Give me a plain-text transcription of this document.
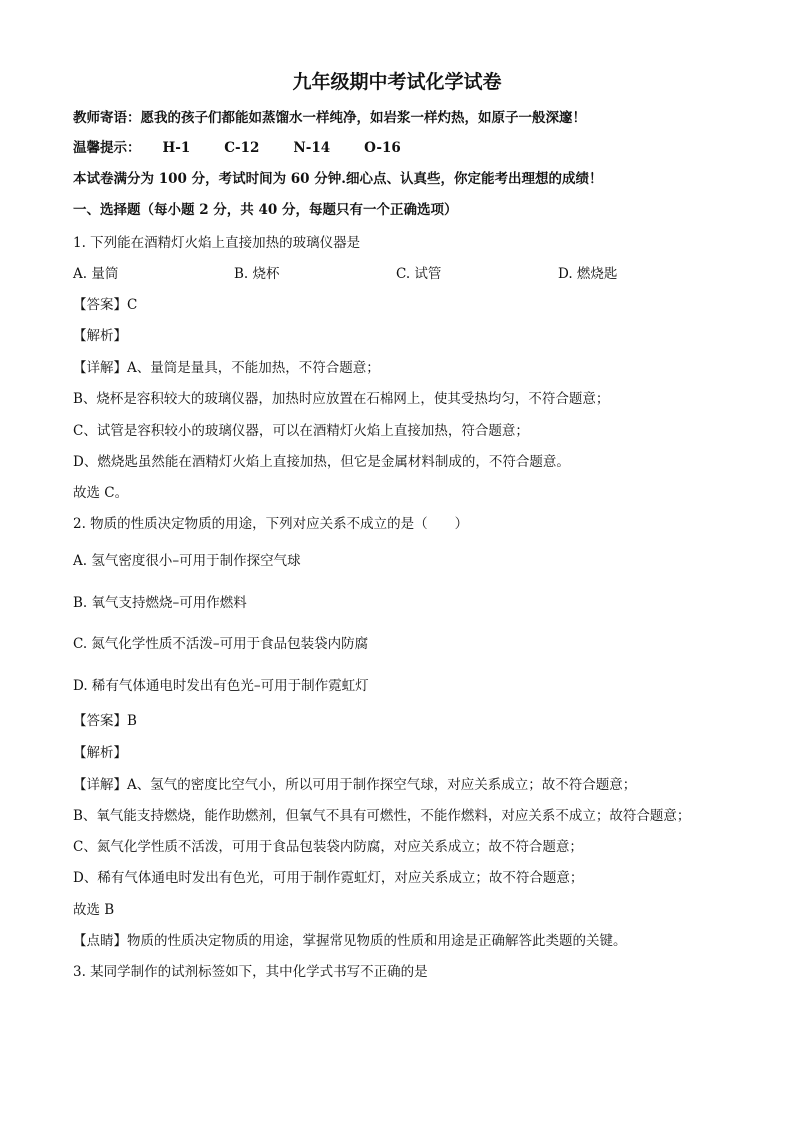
九年级期中考试化学试卷
教师寄语：愿我的孩子们都能如蒸馏水一样纯净，如岩浆一样灼热，如原子一般深邃！
温馨提示： H-1	C-12	N-14	O-16
本试卷满分为 100 分，考试时间为 60 分钟.细心点、认真些，你定能考出理想的成绩！
一、选择题（每小题 2 分，共 40 分，每题只有一个正确选项）
1. 下列能在酒精灯火焰上直接加热的玻璃仪器是
A. 量筒	B. 烧杯	C. 试管	D. 燃烧匙
【答案】C
【解析】
【详解】A、量筒是量具，不能加热，不符合题意；
B、烧杯是容积较大的玻璃仪器，加热时应放置在石棉网上，使其受热均匀，不符合题意；
C、试管是容积较小的玻璃仪器，可以在酒精灯火焰上直接加热，符合题意；
D、燃烧匙虽然能在酒精灯火焰上直接加热，但它是金属材料制成的，不符合题意。
故选 C。
2. 物质的性质决定物质的用途，下列对应关系不成立的是（　　）
A. 氢气密度很小–可用于制作探空气球
B. 氧气支持燃烧–可用作燃料
C. 氮气化学性质不活泼–可用于食品包装袋内防腐
D. 稀有气体通电时发出有色光–可用于制作霓虹灯
【答案】B
【解析】
【详解】A、氢气的密度比空气小，所以可用于制作探空气球，对应关系成立；故不符合题意；
B、氧气能支持燃烧，能作助燃剂，但氧气不具有可燃性，不能作燃料，对应关系不成立；故符合题意；
C、氮气化学性质不活泼，可用于食品包装袋内防腐，对应关系成立；故不符合题意；
D、稀有气体通电时发出有色光，可用于制作霓虹灯，对应关系成立；故不符合题意；
故选 B
【点睛】物质的性质决定物质的用途，掌握常见物质的性质和用途是正确解答此类题的关键。
3. 某同学制作的试剂标签如下，其中化学式书写不正确的是
